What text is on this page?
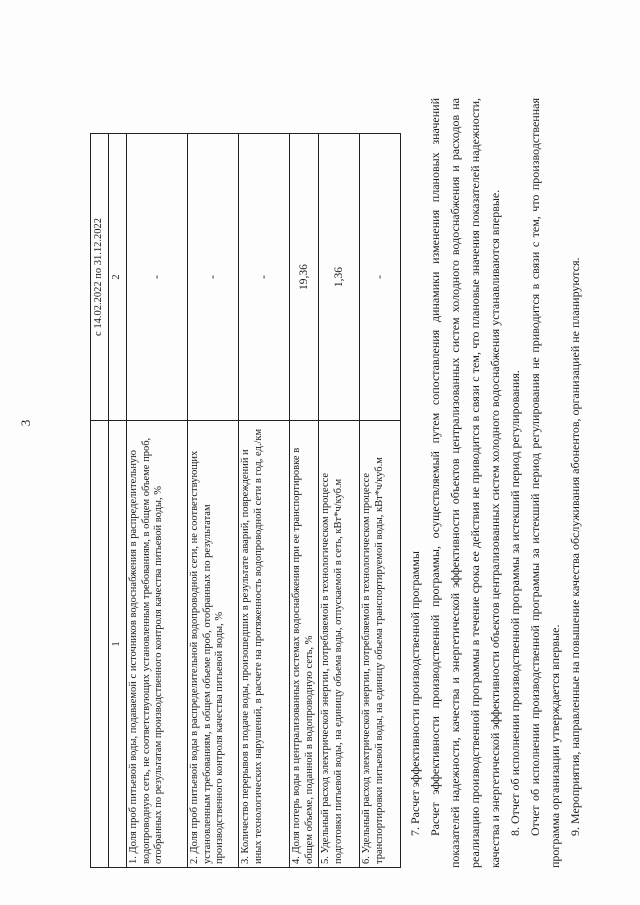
3
	с 14.02.2022 по 31.12.2022
1	2
1. Доля проб питьевой воды, подаваемой с источников водоснабжения в распределительную водопроводную сеть, не соответствующих установленным требованиям, в общем объеме проб, отобранных по результатам производственного контроля качества питьевой воды, %	-
2. Доля проб питьевой воды в распределительной водопроводной сети, не соответствующих установленным требованиям, в общем объеме проб, отобранных по результатам производственного контроля качества питьевой воды, %	-
3. Количество перерывов в подаче воды, произошедших в результате аварий, повреждений и иных технологических нарушений, в расчете на протяженность водопроводной сети в год, ед./км	-
4. Доля потерь воды в централизованных системах водоснабжения при ее транспортировке в общем объеме, поданной в водопроводную сеть, %	19,36
5. Удельный расход электрической энергии, потребляемой в технологическом процессе подготовки питьевой воды, на единицу объема воды, отпускаемой в сеть, кВт*ч/куб.м	1,36
6. Удельный расход электрической энергии, потребляемой в технологическом процессе транспортировки питьевой воды, на единицу объема транспортируемой воды, кВт*ч/куб.м	-

7. Расчет эффективности производственной программы Расчет эффективности производственной программы, осуществляемый путем сопоставления динамики изменения плановых значений показателей надежности, качества и энергетической эффективности объектов централизованных систем холодного водоснабжения и расходов на реализацию производственной программы в течение срока ее действия не приводится в связи с тем, что плановые значения показателей надежности, качества и энергетической эффективности объектов централизованных систем холодного водоснабжения устанавливаются впервые. 8. Отчет об исполнении производственной программы за истекший период регулирования. Отчет об исполнении производственной программы за истекший период регулирования не приводится в связи с тем, что производственная программа организации утверждается впервые. 9. Мероприятия, направленные на повышение качества обслуживания абонентов, организацией не планируются.
